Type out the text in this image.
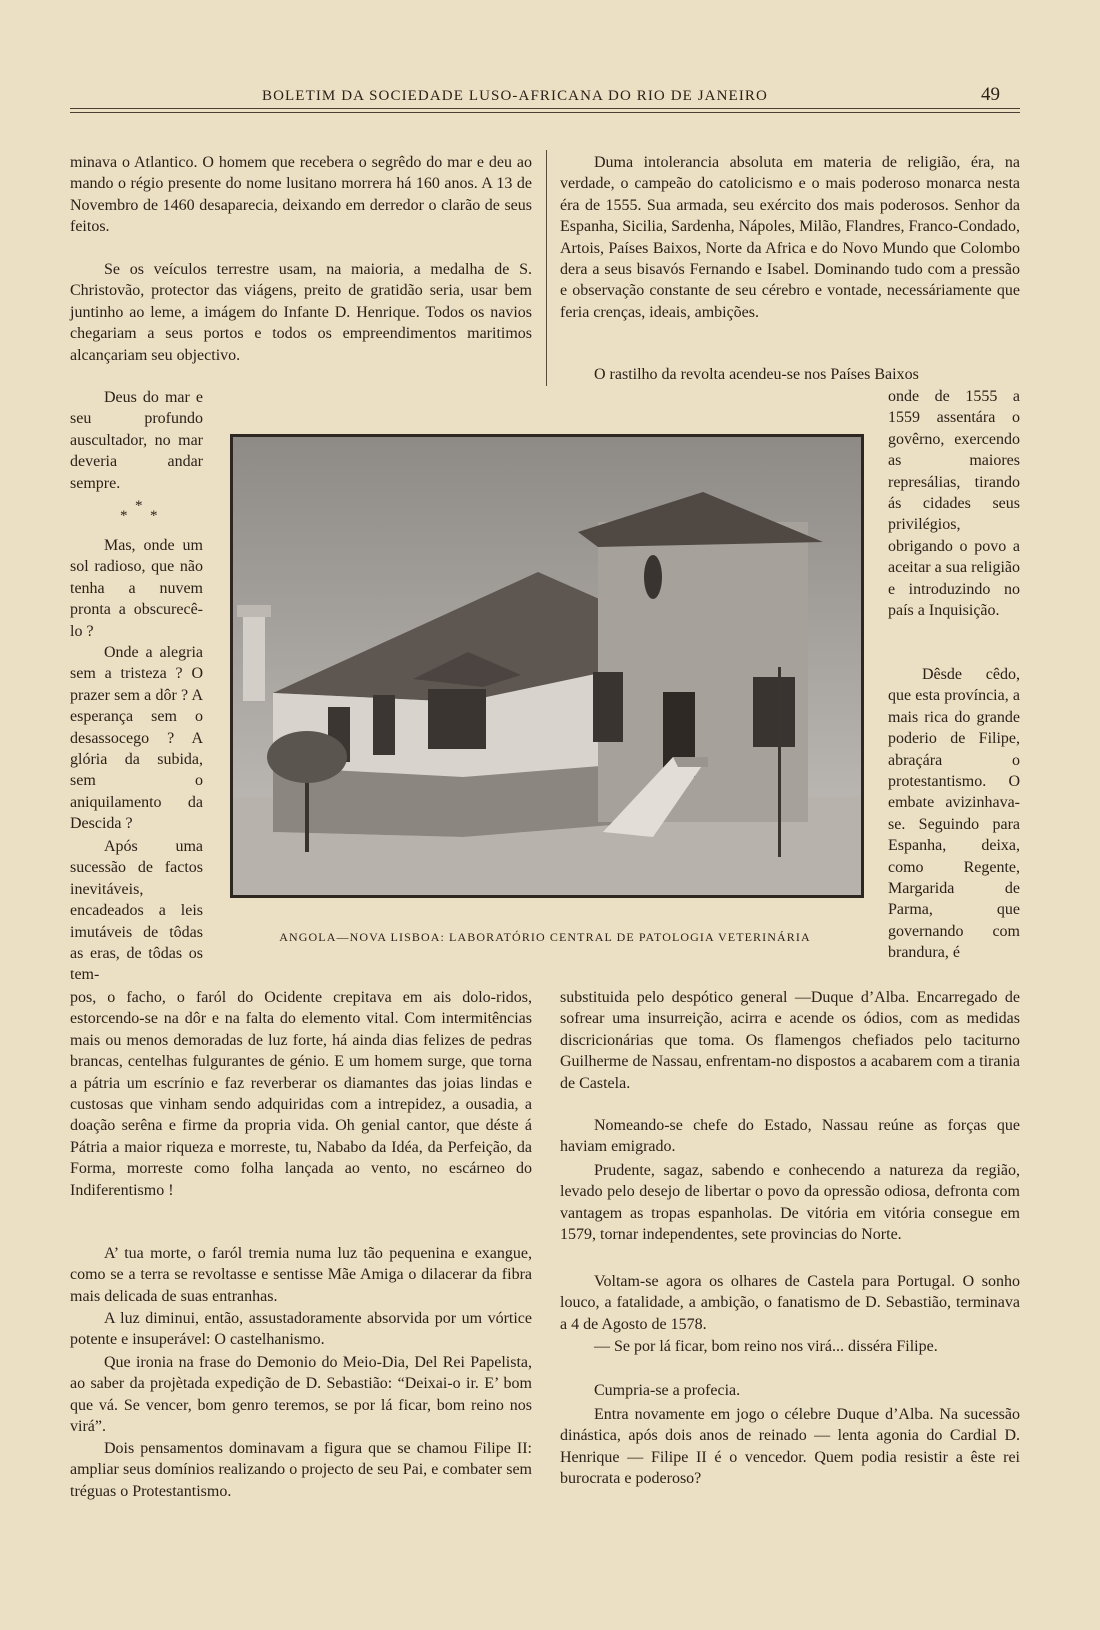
BOLETIM DA SOCIEDADE LUSO-AFRICANA DO RIO DE JANEIRO	49

minava o Atlantico. O homem que recebera o segrêdo do mar e deu ao mando o régio presente do nome lusitano morrera há 160 anos. A 13 de Novembro de 1460 desaparecia, deixando em derredor o clarão de seus feitos.

Se os veículos terrestre usam, na maioria, a medalha de S. Christovão, protector das viágens, preito de gratidão seria, usar bem juntinho ao leme, a imágem do Infante D. Henrique. Todos os navios chegariam a seus portos e todos os empreendimentos maritimos alcançariam seu objectivo.

Deus do mar e seu profundo auscultador, no mar deveria andar sempre.

*
* *

Mas, onde um sol radioso, que não tenha a nuvem pronta a obscurecê-lo ?

Onde a alegria sem a tristeza ? O prazer sem a dôr ? A esperança sem o desassocego ? A glória da subida, sem o aniquilamento da Descida ?

Após uma sucessão de factos inevitáveis, encadeados a leis imutáveis de tôdas as eras, de tôdas os tem-

pos, o facho, o faról do Ocidente crepitava em ais dolo-ridos, estorcendo-se na dôr e na falta do elemento vital. Com intermitências mais ou menos demoradas de luz forte, há ainda dias felizes de pedras brancas, centelhas fulgurantes de génio. E um homem surge, que torna a pátria um escrínio e faz reverberar os diamantes das joias lindas e custosas que vinham sendo adquiridas com a intrepidez, a ousadia, a doação serêna e firme da propria vida. Oh genial cantor, que déste á Pátria a maior riqueza e morreste, tu, Nababo da Idéa, da Perfeição, da Forma, morreste como folha lançada ao vento, no escárneo do Indiferentismo !

A’ tua morte, o faról tremia numa luz tão pequenina e exangue, como se a terra se revoltasse e sentisse Mãe Amiga o dilacerar da fibra mais delicada de suas entranhas.

A luz diminui, então, assustadoramente absorvida por um vórtice potente e insuperável: O castelhanismo.

Que ironia na frase do Demonio do Meio-Dia, Del Rei Papelista, ao saber da projètada expedição de D. Sebastião: “Deixai-o ir. E’ bom que vá. Se vencer, bom genro teremos, se por lá ficar, bom reino nos virá”.

Dois pensamentos dominavam a figura que se chamou Filipe II: ampliar seus domínios realizando o projecto de seu Pai, e combater sem tréguas o Protestantismo.

Duma intolerancia absoluta em materia de religião, éra, na verdade, o campeão do catolicismo e o mais poderoso monarca nesta éra de 1555. Sua armada, seu exército dos mais poderosos. Senhor da Espanha, Sicilia, Sardenha, Nápoles, Milão, Flandres, Franco-Condado, Artois, Países Baixos, Norte da Africa e do Novo Mundo que Colombo dera a seus bisavós Fernando e Isabel. Dominando tudo com a pressão e observação constante de seu cérebro e vontade, necessáriamente que feria crenças, ideais, ambições.

O rastilho da revolta acendeu-se nos Países Baixos

onde de 1555 a 1559 assentára o govêrno, exercendo as maiores represálias, tirando ás cidades seus privilégios, obrigando o povo a aceitar a sua religião e introduzindo no país a Inquisição.

Dêsde cêdo, que esta província, a mais rica do grande poderio de Filipe, abraçára o protestantismo. O embate avizinhava-se. Seguindo para Espanha, deixa, como Regente, Margarida de Parma, que governando com brandura, é

substituida pelo despótico general —Duque d’Alba. Encarregado de sofrear uma insurreição, acirra e acende os ódios, com as medidas discricionárias que toma. Os flamengos chefiados pelo taciturno Guilherme de Nassau, enfrentam-no dispostos a acabarem com a tirania de Castela.

Nomeando-se chefe do Estado, Nassau reúne as forças que haviam emigrado.

Prudente, sagaz, sabendo e conhecendo a natureza da região, levado pelo desejo de libertar o povo da opressão odiosa, defronta com vantagem as tropas espanholas. De vitória em vitória consegue em 1579, tornar independentes, sete provincias do Norte.

Voltam-se agora os olhares de Castela para Portugal. O sonho louco, a fatalidade, a ambição, o fanatismo de D. Sebastião, terminava a 4 de Agosto de 1578.

— Se por lá ficar, bom reino nos virá... disséra Filipe.

Cumpria-se a profecia.

Entra novamente em jogo o célebre Duque d’Alba. Na sucessão dinástica, após dois anos de reinado — lenta agonia do Cardial D. Henrique — Filipe II é o vencedor. Quem podia resistir a êste rei burocrata e poderoso?

ANGOLA—NOVA LISBOA: LABORATÓRIO CENTRAL DE PATOLOGIA VETERINÁRIA
